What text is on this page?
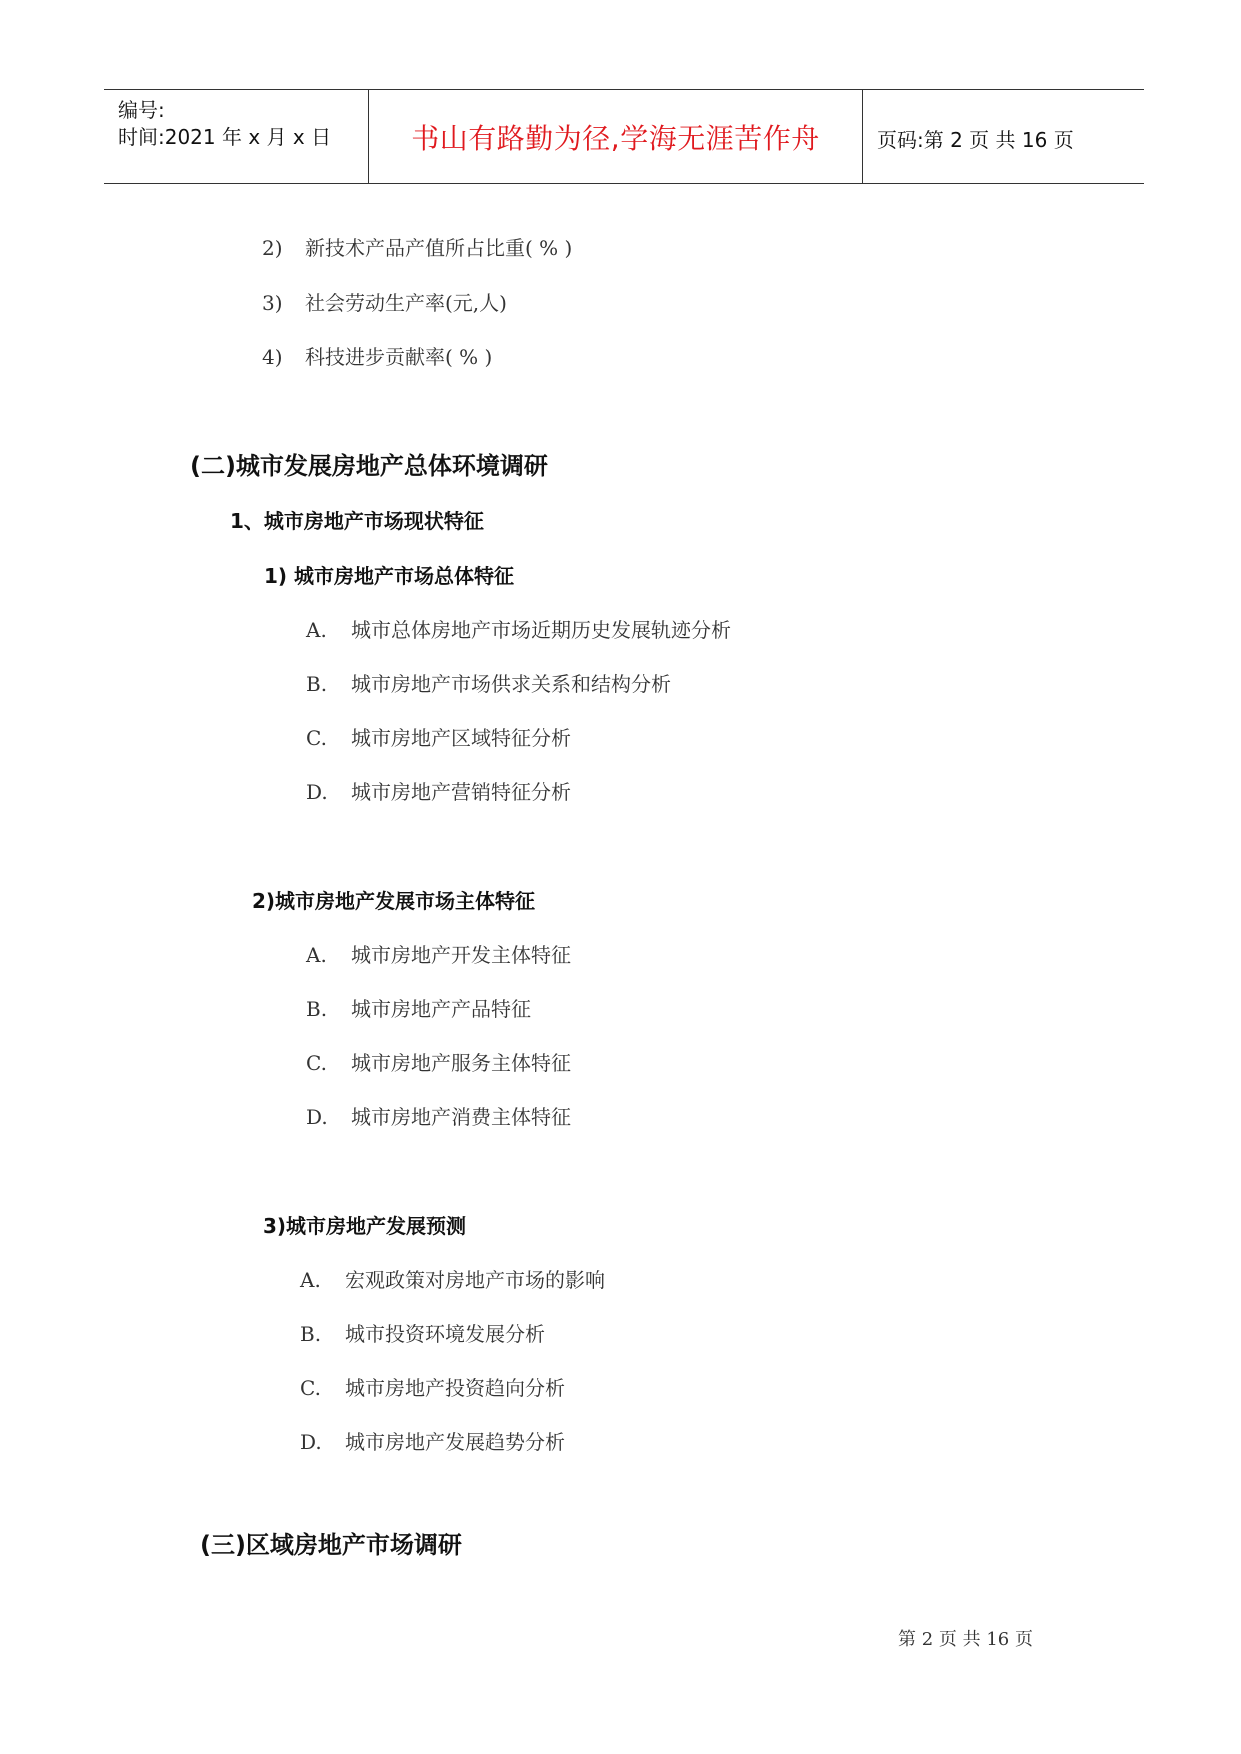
编号:
时间:2021 年 x 月 x 日	书山有路勤为径,学海无涯苦作舟	页码:第 2 页 共 16 页
2) 新技术产品产值所占比重( % )
3) 社会劳动生产率(元,人)
4) 科技进步贡献率( % )
(二)城市发展房地产总体环境调研
1、城市房地产市场现状特征
1) 城市房地产市场总体特征
A. 城市总体房地产市场近期历史发展轨迹分析
B. 城市房地产市场供求关系和结构分析
C. 城市房地产区域特征分析
D. 城市房地产营销特征分析
2)城市房地产发展市场主体特征
A. 城市房地产开发主体特征
B. 城市房地产产品特征
C. 城市房地产服务主体特征
D. 城市房地产消费主体特征
3)城市房地产发展预测
A. 宏观政策对房地产市场的影响
B. 城市投资环境发展分析
C. 城市房地产投资趋向分析
D. 城市房地产发展趋势分析
(三)区域房地产市场调研
第 2 页 共 16 页
